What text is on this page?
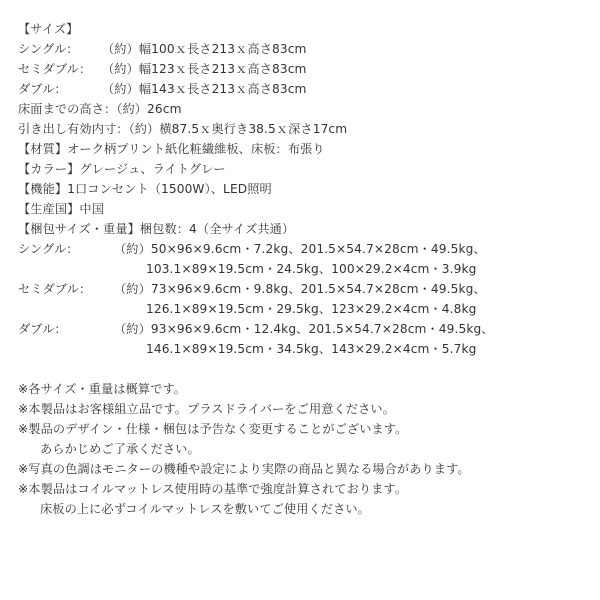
【サイズ】
シングル： （約）幅100ｘ長さ213ｘ高さ83cm
セミダブル： （約）幅123ｘ長さ213ｘ高さ83cm
ダブル：	（約）幅143ｘ長さ213ｘ高さ83cm
床面までの高さ：（約）26cm
引き出し有効内寸：（約）横87.5ｘ奥行き38.5ｘ深さ17cm
【材質】オーク柄プリント紙化粧繊維板、床板：布張り
【カラー】グレージュ、ライトグレー
【機能】1口コンセント（1500W）、LED照明
【生産国】中国
【梱包サイズ・重量】梱包数：4（全サイズ共通）
シングル：	（約）50×96×9.6cm・7.2kg、201.5×54.7×28cm・49.5kg、
103.1×89×19.5cm・24.5kg、100×29.2×4cm・3.9kg
セミダブル： （約）73×96×9.6cm・9.8kg、201.5×54.7×28cm・49.5kg、
126.1×89×19.5cm・29.5kg、123×29.2×4cm・4.8kg
ダブル：	（約）93×96×9.6cm・12.4kg、201.5×54.7×28cm・49.5kg、
146.1×89×19.5cm・34.5kg、143×29.2×4cm・5.7kg
※各サイズ・重量は概算です。
※本製品はお客様組立品です。プラスドライバーをご用意ください。
※製品のデザイン・仕様・梱包は予告なく変更することがございます。
あらかじめご了承ください。
※写真の色調はモニターの機種や設定により実際の商品と異なる場合があります。
※本製品はコイルマットレス使用時の基準で強度計算されております。
床板の上に必ずコイルマットレスを敷いてご使用ください。
